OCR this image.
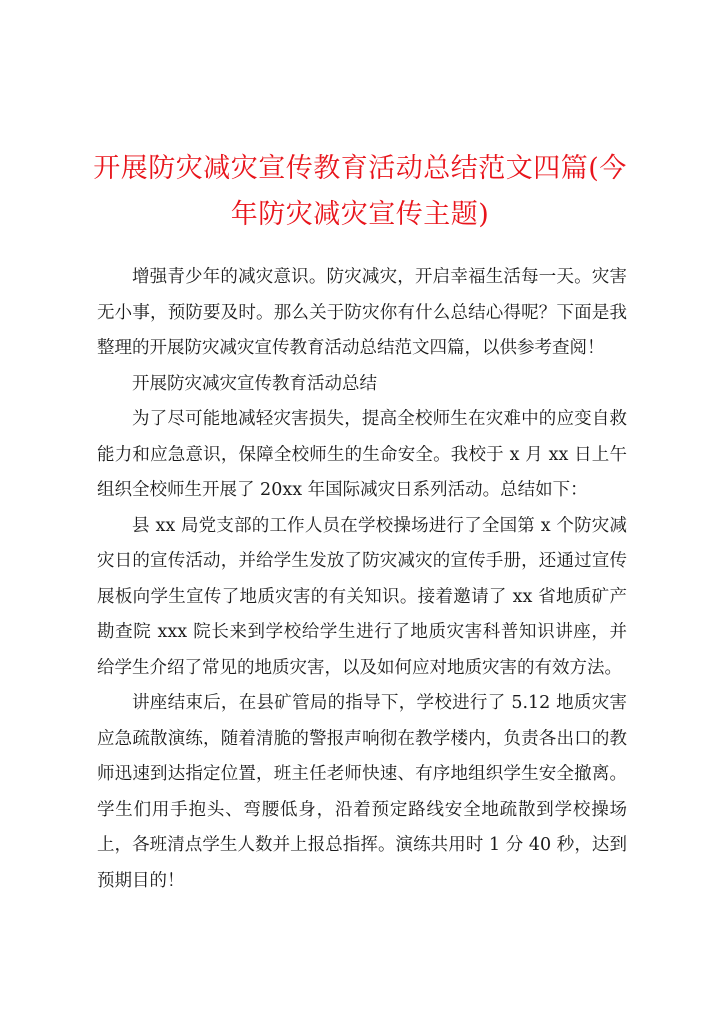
开展防灾减灾宣传教育活动总结范文四篇(今年防灾减灾宣传主题)

增强青少年的减灾意识。防灾减灾，开启幸福生活每一天。灾害无小事，预防要及时。那么关于防灾你有什么总结心得呢？下面是我整理的开展防灾减灾宣传教育活动总结范文四篇，以供参考查阅！

开展防灾减灾宣传教育活动总结

为了尽可能地减轻灾害损失，提高全校师生在灾难中的应变自救能力和应急意识，保障全校师生的生命安全。我校于 x 月 xx 日上午组织全校师生开展了 20xx 年国际减灾日系列活动。总结如下：

县 xx 局党支部的工作人员在学校操场进行了全国第 x 个防灾减灾日的宣传活动，并给学生发放了防灾减灾的宣传手册，还通过宣传展板向学生宣传了地质灾害的有关知识。接着邀请了 xx 省地质矿产勘查院 xxx 院长来到学校给学生进行了地质灾害科普知识讲座，并给学生介绍了常见的地质灾害，以及如何应对地质灾害的有效方法。

讲座结束后，在县矿管局的指导下，学校进行了 5.12 地质灾害应急疏散演练，随着清脆的警报声响彻在教学楼内，负责各出口的教师迅速到达指定位置，班主任老师快速、有序地组织学生安全撤离。学生们用手抱头、弯腰低身，沿着预定路线安全地疏散到学校操场上，各班清点学生人数并上报总指挥。演练共用时 1 分 40 秒，达到预期目的！
